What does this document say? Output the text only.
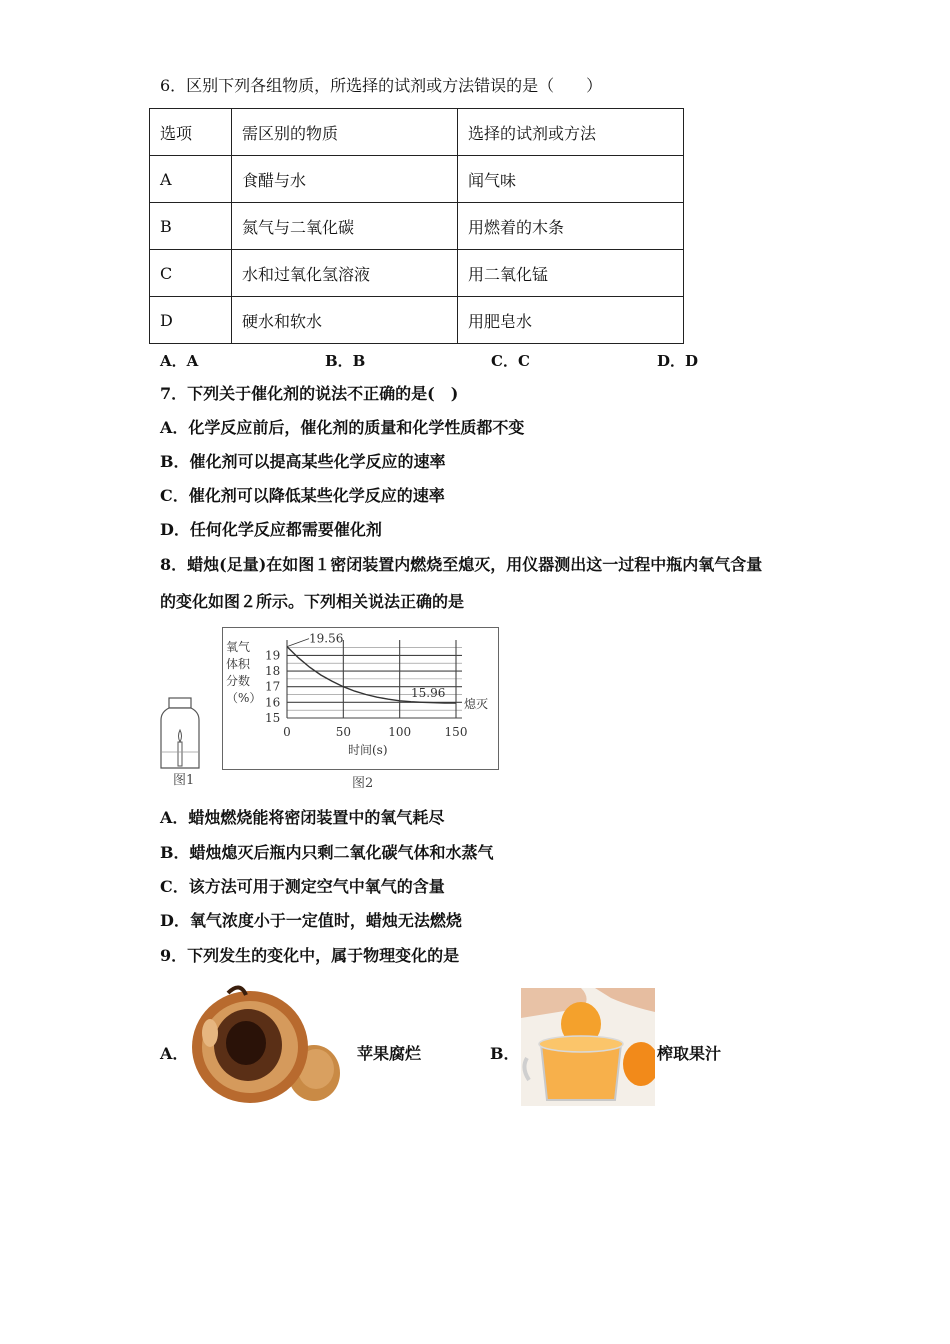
6．区别下列各组物质，所选择的试剂或方法错误的是（　　）
选项	需区别的物质	选择的试剂或方法
A	食醋与水	闻气味
B	氮气与二氧化碳	用燃着的木条
C	水和过氧化氢溶液	用二氧化锰
D	硬水和软水	用肥皂水
A．A	B．B	C．C	D．D
7．下列关于催化剂的说法不正确的是(　)
A．化学反应前后，催化剂的质量和化学性质都不变
B．催化剂可以提高某些化学反应的速率
C．催化剂可以降低某些化学反应的速率
D．任何化学反应都需要催化剂
8．蜡烛(足量)在如图１密闭装置内燃烧至熄灭，用仪器测出这一过程中瓶内氧气含量
的变化如图２所示。下列相关说法正确的是
图1
15
16
17
18
19
0	50	100	150
氧气
体积
分数
（%）
19.56
15.96
熄灭
时间(s)
图2
A．蜡烛燃烧能将密闭装置中的氧气耗尽
B．蜡烛熄灭后瓶内只剩二氧化碳气体和水蒸气
C．该方法可用于测定空气中氧气的含量
D．氧气浓度小于一定值时，蜡烛无法燃烧
9．下列发生的变化中，属于物理变化的是
A．	苹果腐烂	B．	榨取果汁
